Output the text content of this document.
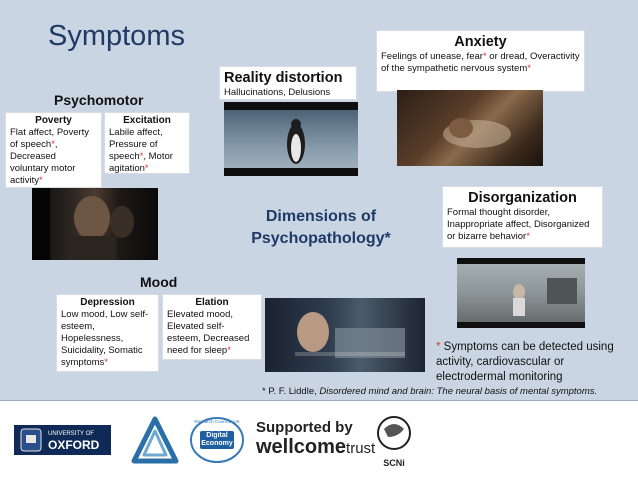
Symptoms
Psychomotor
Poverty
Flat affect, Poverty of speech*, Decreased voluntary motor activity*
Excitation
Labile affect, Pressure of speech*, Motor agitation*
Reality distortion
Hallucinations, Delusions
Anxiety
Feelings of unease, fear* or dread, Overactivity of the sympathetic nervous system*
Disorganization
Formal thought disorder, Inappropriate affect, Disorganized or bizarre behavior*
Dimensions of
Psychopathology*
Mood
Depression
Low mood, Low self-esteem, Hopelessness, Suicidality, Somatic symptoms*
Elation
Elevated mood, Elevated self-esteem, Decreased need for sleep*	* Symptoms can be detected using activity, cardiovascular or electrodermal monitoring
* P. F. Liddle, Disordered mind and brain: The neural basis of mental symptoms.
UNIVERSITY OF
OXFORD
Research Councils UK
Digital
Economy
Supported by
wellcometrust
SCNi
